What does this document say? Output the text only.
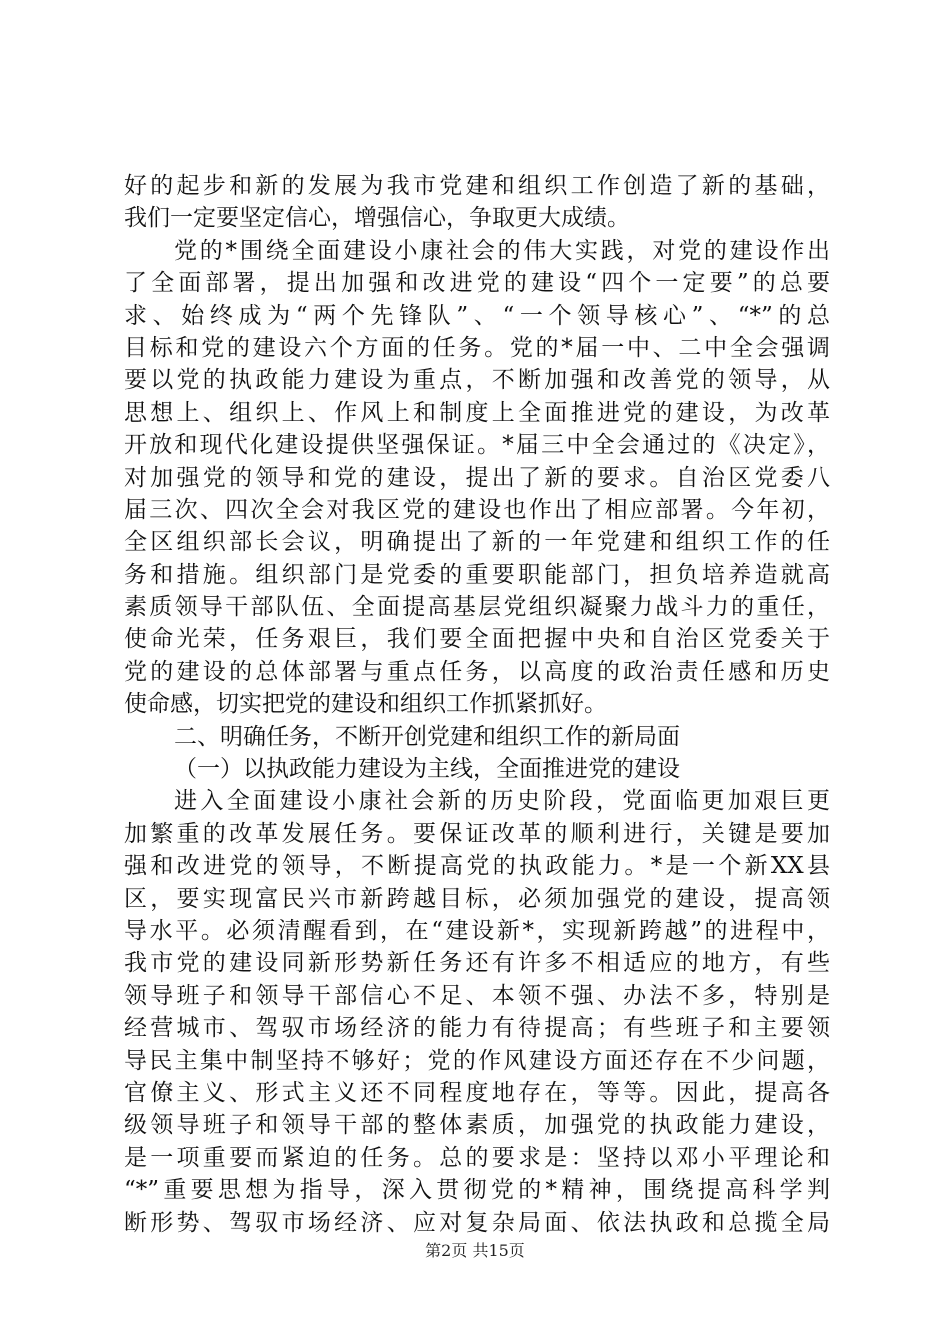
好的起步和新的发展为我市党建和组织工作创造了新的基础，
我们一定要坚定信心，增强信心，争取更大成绩。
党的*围绕全面建设小康社会的伟大实践，对党的建设作出
了全面部署，提出加强和改进党的建设“四个一定要”的总要
求、始终成为“两个先锋队”、“一个领导核心”、“*”的总
目标和党的建设六个方面的任务。党的*届一中、二中全会强调
要以党的执政能力建设为重点，不断加强和改善党的领导，从
思想上、组织上、作风上和制度上全面推进党的建设，为改革
开放和现代化建设提供坚强保证。*届三中全会通过的《决定》，
对加强党的领导和党的建设，提出了新的要求。自治区党委八
届三次、四次全会对我区党的建设也作出了相应部署。今年初，
全区组织部长会议，明确提出了新的一年党建和组织工作的任
务和措施。组织部门是党委的重要职能部门，担负培养造就高
素质领导干部队伍、全面提高基层党组织凝聚力战斗力的重任，
使命光荣，任务艰巨，我们要全面把握中央和自治区党委关于
党的建设的总体部署与重点任务，以高度的政治责任感和历史
使命感，切实把党的建设和组织工作抓紧抓好。
二、明确任务，不断开创党建和组织工作的新局面
（一）以执政能力建设为主线，全面推进党的建设
进入全面建设小康社会新的历史阶段，党面临更加艰巨更
加繁重的改革发展任务。要保证改革的顺利进行，关键是要加
强和改进党的领导，不断提高党的执政能力。*是一个新XX县
区，要实现富民兴市新跨越目标，必须加强党的建设，提高领
导水平。必须清醒看到，在“建设新*，实现新跨越”的进程中，
我市党的建设同新形势新任务还有许多不相适应的地方，有些
领导班子和领导干部信心不足、本领不强、办法不多，特别是
经营城市、驾驭市场经济的能力有待提高；有些班子和主要领
导民主集中制坚持不够好；党的作风建设方面还存在不少问题，
官僚主义、形式主义还不同程度地存在，等等。因此，提高各
级领导班子和领导干部的整体素质，加强党的执政能力建设，
是一项重要而紧迫的任务。总的要求是：坚持以邓小平理论和
“*”重要思想为指导，深入贯彻党的*精神，围绕提高科学判
断形势、驾驭市场经济、应对复杂局面、依法执政和总揽全局
第2页 共15页
